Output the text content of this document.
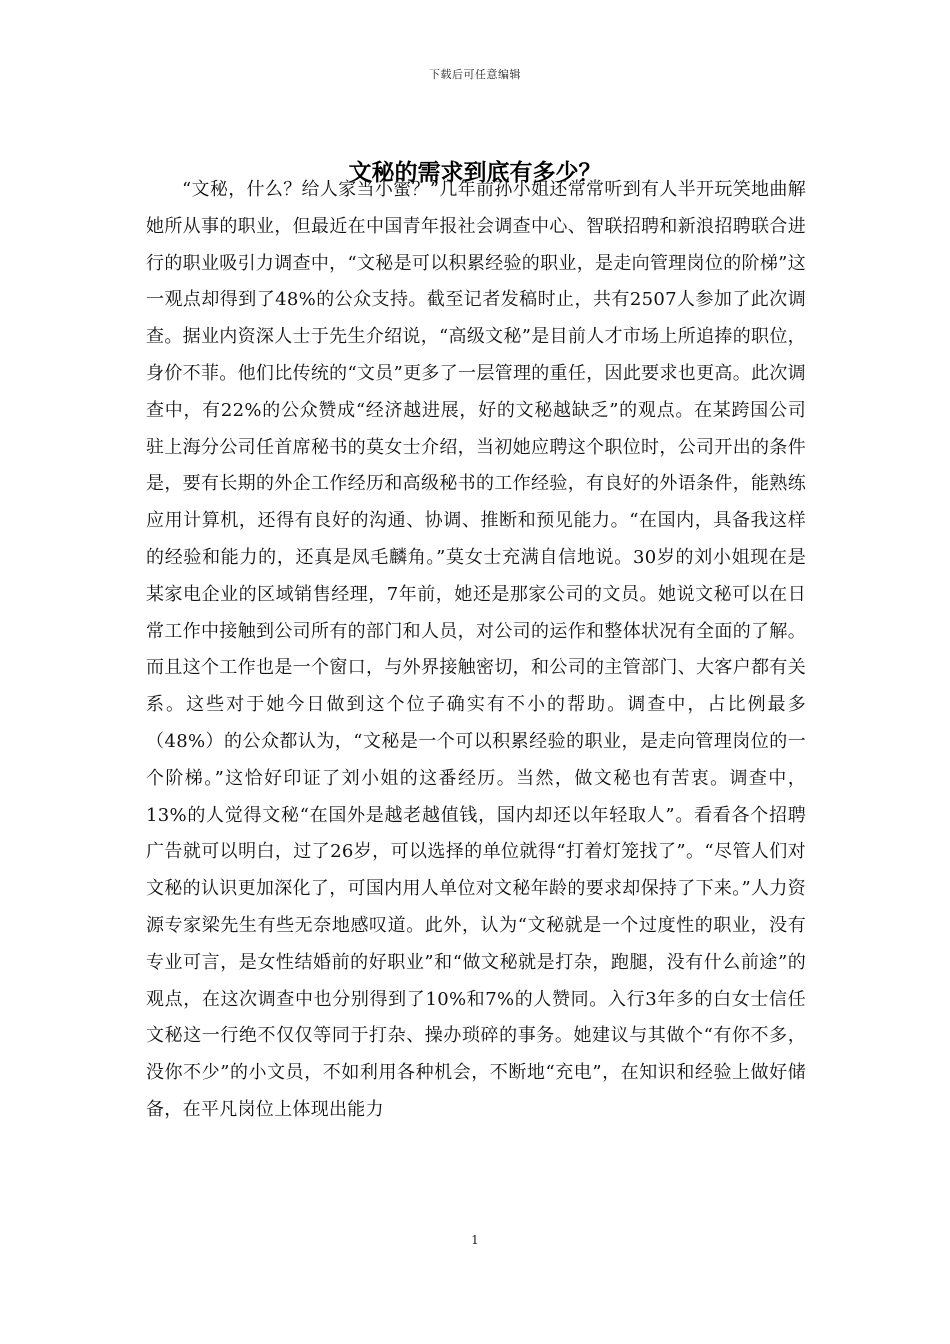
下载后可任意编辑
文秘的需求到底有多少？

“文秘，什么？给人家当小蜜？”几年前孙小姐还常常听到有人半开玩笑地曲解她所从事的职业，但最近在中国青年报社会调查中心、智联招聘和新浪招聘联合进行的职业吸引力调查中，“文秘是可以积累经验的职业，是走向管理岗位的阶梯”这一观点却得到了48%的公众支持。截至记者发稿时止，共有2507人参加了此次调查。据业内资深人士于先生介绍说，“高级文秘”是目前人才市场上所追捧的职位，身价不菲。他们比传统的“文员”更多了一层管理的重任，因此要求也更高。此次调查中，有22%的公众赞成“经济越进展，好的文秘越缺乏”的观点。在某跨国公司驻上海分公司任首席秘书的莫女士介绍，当初她应聘这个职位时，公司开出的条件是，要有长期的外企工作经历和高级秘书的工作经验，有良好的外语条件，能熟练应用计算机，还得有良好的沟通、协调、推断和预见能力。“在国内，具备我这样的经验和能力的，还真是凤毛麟角。”莫女士充满自信地说。30岁的刘小姐现在是某家电企业的区域销售经理，7年前，她还是那家公司的文员。她说文秘可以在日常工作中接触到公司所有的部门和人员，对公司的运作和整体状况有全面的了解。而且这个工作也是一个窗口，与外界接触密切，和公司的主管部门、大客户都有关系。这些对于她今日做到这个位子确实有不小的帮助。调查中，占比例最多（48%）的公众都认为，“文秘是一个可以积累经验的职业，是走向管理岗位的一个阶梯。”这恰好印证了刘小姐的这番经历。当然，做文秘也有苦衷。调查中，13%的人觉得文秘“在国外是越老越值钱，国内却还以年轻取人”。看看各个招聘广告就可以明白，过了26岁，可以选择的单位就得“打着灯笼找了”。“尽管人们对文秘的认识更加深化了，可国内用人单位对文秘年龄的要求却保持了下来。”人力资源专家梁先生有些无奈地感叹道。此外，认为“文秘就是一个过度性的职业，没有专业可言，是女性结婚前的好职业”和“做文秘就是打杂，跑腿，没有什么前途”的观点，在这次调查中也分别得到了10%和7%的人赞同。入行3年多的白女士信任文秘这一行绝不仅仅等同于打杂、操办琐碎的事务。她建议与其做个“有你不多，没你不少”的小文员，不如利用各种机会，不断地“充电”，在知识和经验上做好储备，在平凡岗位上体现出能力

1
